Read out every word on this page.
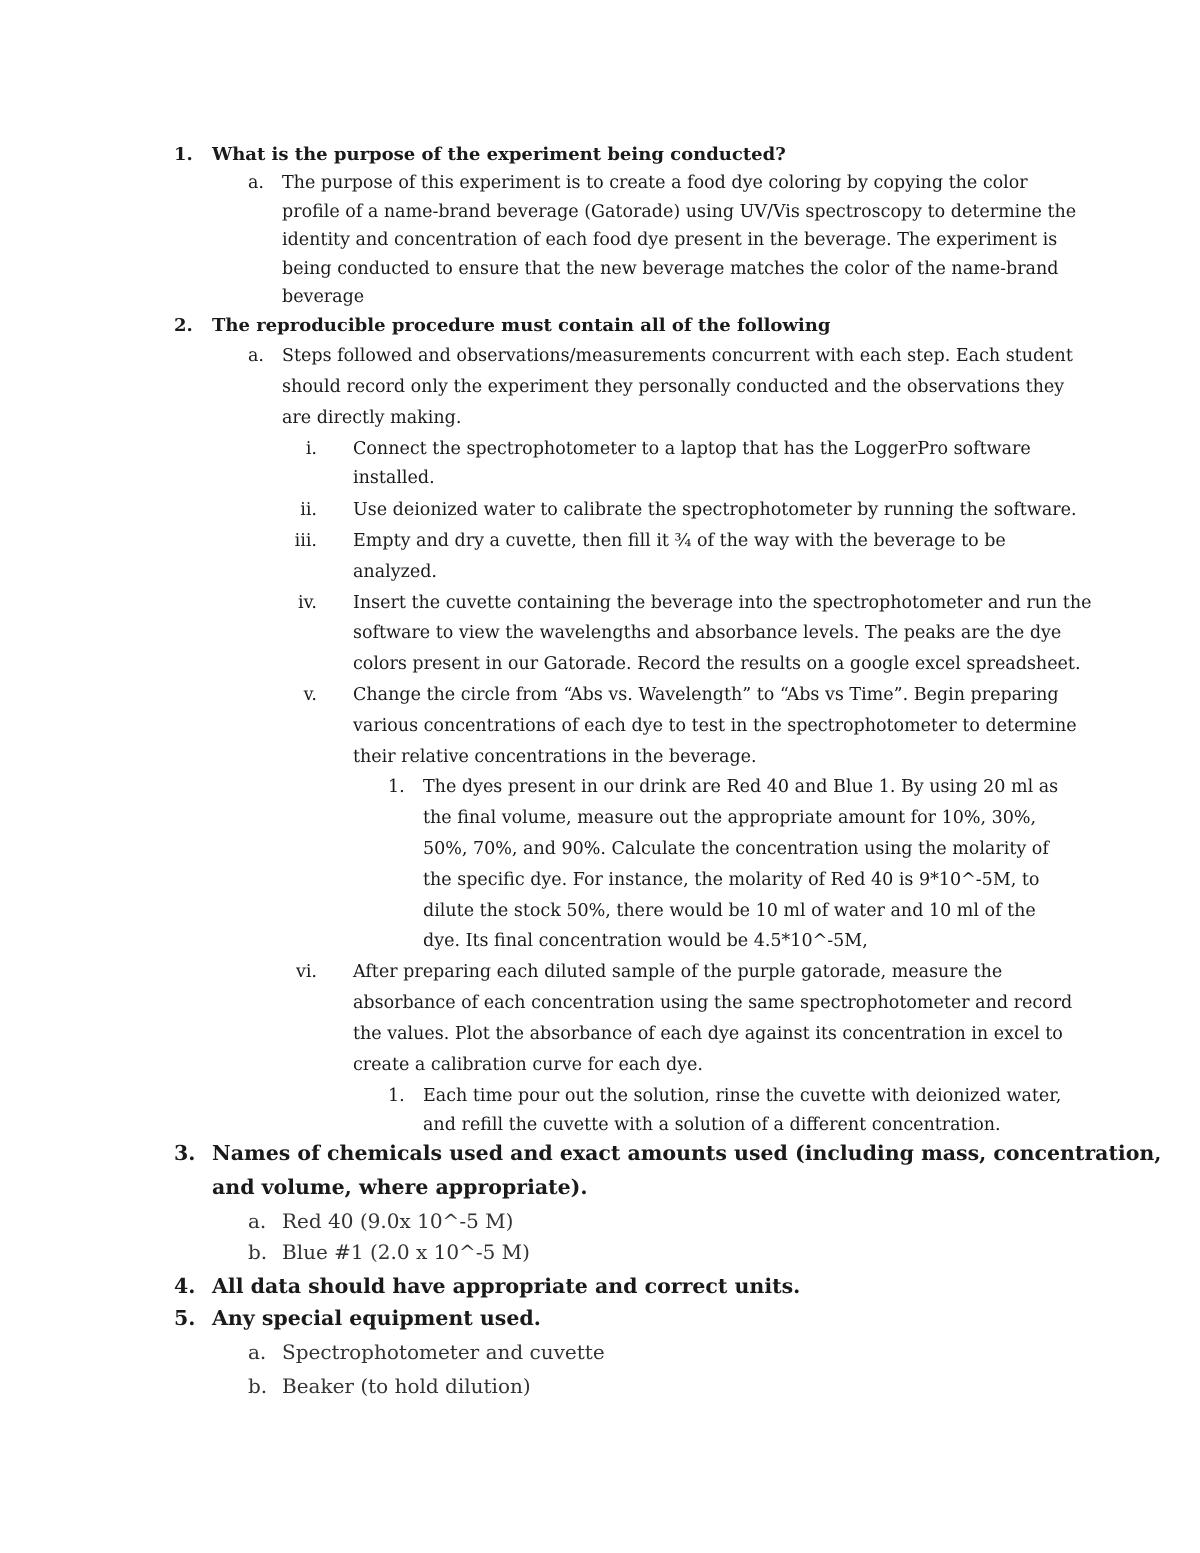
1. What is the purpose of the experiment being conducted?
a. The purpose of this experiment is to create a food dye coloring by copying the color
profile of a name-brand beverage (Gatorade) using UV/Vis spectroscopy to determine the
identity and concentration of each food dye present in the beverage. The experiment is
being conducted to ensure that the new beverage matches the color of the name-brand
beverage
2. The reproducible procedure must contain all of the following
a. Steps followed and observations/measurements concurrent with each step. Each student
should record only the experiment they personally conducted and the observations they
are directly making.
i. Connect the spectrophotometer to a laptop that has the LoggerPro software
installed.
ii. Use deionized water to calibrate the spectrophotometer by running the software.
iii. Empty and dry a cuvette, then fill it ¾ of the way with the beverage to be
analyzed.
iv. Insert the cuvette containing the beverage into the spectrophotometer and run the
software to view the wavelengths and absorbance levels. The peaks are the dye
colors present in our Gatorade. Record the results on a google excel spreadsheet.
v. Change the circle from “Abs vs. Wavelength” to “Abs vs Time”. Begin preparing
various concentrations of each dye to test in the spectrophotometer to determine
their relative concentrations in the beverage.
1. The dyes present in our drink are Red 40 and Blue 1. By using 20 ml as
the final volume, measure out the appropriate amount for 10%, 30%,
50%, 70%, and 90%. Calculate the concentration using the molarity of
the specific dye. For instance, the molarity of Red 40 is 9*10^-5M, to
dilute the stock 50%, there would be 10 ml of water and 10 ml of the
dye. Its final concentration would be 4.5*10^-5M,
vi. After preparing each diluted sample of the purple gatorade, measure the
absorbance of each concentration using the same spectrophotometer and record
the values. Plot the absorbance of each dye against its concentration in excel to
create a calibration curve for each dye.
1. Each time pour out the solution, rinse the cuvette with deionized water,
and refill the cuvette with a solution of a different concentration.
3. Names of chemicals used and exact amounts used (including mass, concentration,
and volume, where appropriate).
a. Red 40 (9.0x 10^-5 M)
b. Blue #1 (2.0 x 10^-5 M)
4. All data should have appropriate and correct units.
5. Any special equipment used.
a. Spectrophotometer and cuvette
b. Beaker (to hold dilution)
